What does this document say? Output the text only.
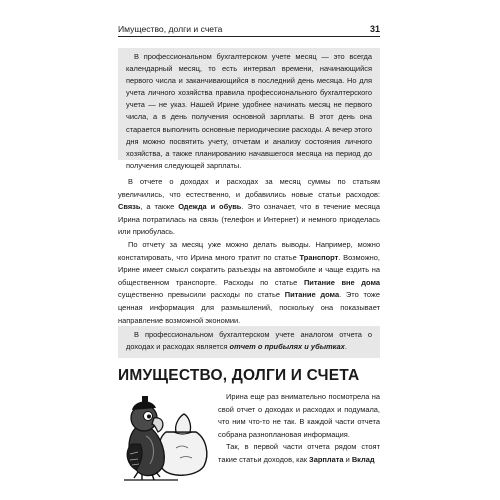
Имущество, долги и счета	31

В профессиональном бухгалтерском учете месяц — это всегда календарный месяц, то есть интервал времени, начинающийся первого числа и заканчивающийся в последний день месяца. Но для учета личного хозяйства правила профессионального бухгалтерского учета — не указ. Нашей Ирине удобнее начинать месяц не первого числа, а в день получения основной зарплаты. В этот день она старается выполнить основные периодические расходы. А вечер этого дня можно посвятить учету, отчетам и анализу состояния личного хозяйства, а также планированию начавшегося месяца на период до получения следующей зарплаты.

В отчете о доходах и расходах за месяц суммы по статьям увеличились, что естественно, и добавились новые статьи расходов: Связь, а также Одежда и обувь. Это означает, что в течение месяца Ирина потратилась на связь (телефон и Интернет) и немного приоделась или приобулась.

По отчету за месяц уже можно делать выводы. Например, можно констатировать, что Ирина много тратит по статье Транспорт. Возможно, Ирине имеет смысл сократить разъезды на автомобиле и чаще ездить на общественном транспорте. Расходы по статье Питание вне дома существенно превысили расходы по статье Питание дома. Это тоже ценная информация для размышлений, поскольку она показывает направление возможной экономии.

В профессиональном бухгалтерском учете аналогом отчета о доходах и расходах является отчет о прибылях и убытках.

ИМУЩЕСТВО, ДОЛГИ И СЧЕТА

Ирина еще раз внимательно посмотрела на свой отчет о доходах и расходах и подумала, что ним что-то не так. В каждой части отчета собрана разноплановая информация.

Так, в первой части отчета рядом стоят такие статьи доходов, как Зарплата и Вклад
